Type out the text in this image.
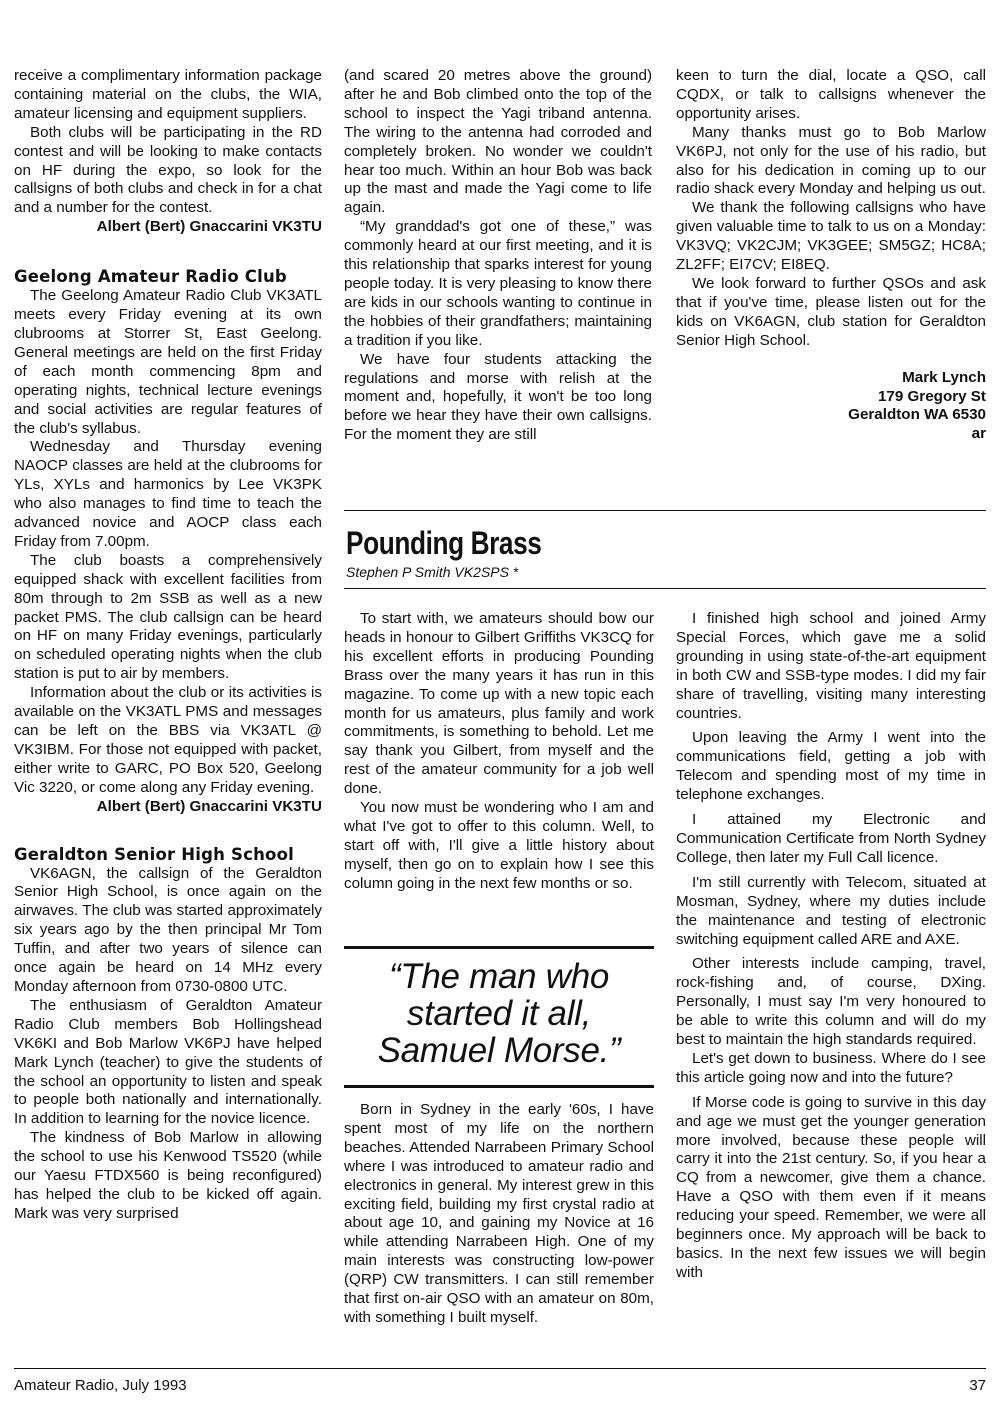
receive a complimentary information package containing material on the clubs, the WIA, amateur licensing and equipment suppliers.

Both clubs will be participating in the RD contest and will be looking to make contacts on HF during the expo, so look for the callsigns of both clubs and check in for a chat and a number for the contest.

Albert (Bert) Gnaccarini VK3TU
Geelong Amateur Radio Club

The Geelong Amateur Radio Club VK3ATL meets every Friday evening at its own clubrooms at Storrer St, East Geelong. General meetings are held on the first Friday of each month commencing 8pm and operating nights, technical lecture evenings and social activities are regular features of the club's syllabus.

Wednesday and Thursday evening NAOCP classes are held at the clubrooms for YLs, XYLs and harmonics by Lee VK3PK who also manages to find time to teach the advanced novice and AOCP class each Friday from 7.00pm.

The club boasts a comprehensively equipped shack with excellent facilities from 80m through to 2m SSB as well as a new packet PMS. The club callsign can be heard on HF on many Friday evenings, particularly on scheduled operating nights when the club station is put to air by members.

Information about the club or its activities is available on the VK3ATL PMS and messages can be left on the BBS via VK3ATL @ VK3IBM. For those not equipped with packet, either write to GARC, PO Box 520, Geelong Vic 3220, or come along any Friday evening.

Albert (Bert) Gnaccarini VK3TU
Geraldton Senior High School

VK6AGN, the callsign of the Geraldton Senior High School, is once again on the airwaves. The club was started approximately six years ago by the then principal Mr Tom Tuffin, and after two years of silence can once again be heard on 14 MHz every Monday afternoon from 0730-0800 UTC.

The enthusiasm of Geraldton Amateur Radio Club members Bob Hollingshead VK6KI and Bob Marlow VK6PJ have helped Mark Lynch (teacher) to give the students of the school an opportunity to listen and speak to people both nationally and internationally. In addition to learning for the novice licence.

The kindness of Bob Marlow in allowing the school to use his Kenwood TS520 (while our Yaesu FTDX560 is being reconfigured) has helped the club to be kicked off again. Mark was very surprised

(and scared 20 metres above the ground) after he and Bob climbed onto the top of the school to inspect the Yagi triband antenna. The wiring to the antenna had corroded and completely broken. No wonder we couldn't hear too much. Within an hour Bob was back up the mast and made the Yagi come to life again.

“My granddad's got one of these,” was commonly heard at our first meeting, and it is this relationship that sparks interest for young people today. It is very pleasing to know there are kids in our schools wanting to continue in the hobbies of their grandfathers; maintaining a tradition if you like.

We have four students attacking the regulations and morse with relish at the moment and, hopefully, it won't be too long before we hear they have their own callsigns. For the moment they are still

keen to turn the dial, locate a QSO, call CQDX, or talk to callsigns whenever the opportunity arises.

Many thanks must go to Bob Marlow VK6PJ, not only for the use of his radio, but also for his dedication in coming up to our radio shack every Monday and helping us out.

We thank the following callsigns who have given valuable time to talk to us on a Monday: VK3VQ; VK2CJM; VK3GEE; SM5GZ; HC8A; ZL2FF; EI7CV; EI8EQ.

We look forward to further QSOs and ask that if you've time, please listen out for the kids on VK6AGN, club station for Geraldton Senior High School.

Mark Lynch
179 Gregory St
Geraldton WA 6530
ar
Pounding Brass
Stephen P Smith VK2SPS *

To start with, we amateurs should bow our heads in honour to Gilbert Griffiths VK3CQ for his excellent efforts in producing Pounding Brass over the many years it has run in this magazine. To come up with a new topic each month for us amateurs, plus family and work commitments, is something to behold. Let me say thank you Gilbert, from myself and the rest of the amateur community for a job well done.

You now must be wondering who I am and what I've got to offer to this column. Well, to start off with, I'll give a little history about myself, then go on to explain how I see this column going in the next few months or so.

“The man who started it all, Samuel Morse.”

Born in Sydney in the early '60s, I have spent most of my life on the northern beaches. Attended Narrabeen Primary School where I was introduced to amateur radio and electronics in general. My interest grew in this exciting field, building my first crystal radio at about age 10, and gaining my Novice at 16 while attending Narrabeen High. One of my main interests was constructing low-power (QRP) CW transmitters. I can still remember that first on-air QSO with an amateur on 80m, with something I built myself.

I finished high school and joined Army Special Forces, which gave me a solid grounding in using state-of-the-art equipment in both CW and SSB-type modes. I did my fair share of travelling, visiting many interesting countries.

Upon leaving the Army I went into the communications field, getting a job with Telecom and spending most of my time in telephone exchanges.

I attained my Electronic and Communication Certificate from North Sydney College, then later my Full Call licence.

I'm still currently with Telecom, situated at Mosman, Sydney, where my duties include the maintenance and testing of electronic switching equipment called ARE and AXE.

Other interests include camping, travel, rock-fishing and, of course, DXing. Personally, I must say I'm very honoured to be able to write this column and will do my best to maintain the high standards required.

Let's get down to business. Where do I see this article going now and into the future?

If Morse code is going to survive in this day and age we must get the younger generation more involved, because these people will carry it into the 21st century. So, if you hear a CQ from a newcomer, give them a chance. Have a QSO with them even if it means reducing your speed. Remember, we were all beginners once. My approach will be back to basics. In the next few issues we will begin with

Amateur Radio, July 1993	37
